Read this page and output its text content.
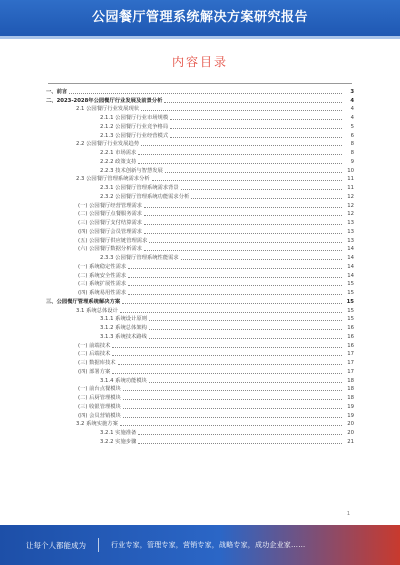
公园餐厅管理系统解决方案研究报告
内容目录
一、前言	3
二、2023-2028年公园餐厅行业发展及前景分析	4
2.1 公园餐厅行业发展现状	4
2.1.1 公园餐厅行业市场规模	4
2.1.2 公园餐厅行业竞争格局	5
2.1.3 公园餐厅行业经营模式	6
2.2 公园餐厅行业发展趋势	8
2.2.1 市场需求	8
2.2.2 政策支持	9
2.2.3 技术创新与智慧发展	10
2.3 公园餐厅管理系统需求分析	11
2.3.1 公园餐厅管理系统需求背景	11
2.3.2 公园餐厅管理系统功能需求分析	12
(一) 公园餐厅经营管理需求	12
(二) 公园餐厅点餐服务需求	12
(三) 公园餐厅支付结算需求	13
(四) 公园餐厅会员管理需求	13
(五) 公园餐厅供应链管理需求	13
(六) 公园餐厅数据分析需求	14
2.3.3 公园餐厅管理系统性能需求	14
(一) 系统稳定性需求	14
(二) 系统安全性需求	14
(三) 系统扩展性需求	15
(四) 系统易用性需求	15
三、公园餐厅管理系统解决方案	15
3.1 系统总体设计	15
3.1.1 系统设计原则	15
3.1.2 系统总体架构	16
3.1.3 系统技术路线	16
(一) 前端技术	16
(二) 后端技术	17
(三) 数据库技术	17
(四) 部署方案	17
3.1.4 系统功能模块	18
(一) 前台点餐模块	18
(二) 后厨管理模块	18
(三) 收银管理模块	19
(四) 会员营销模块	19
3.2 系统实施方案	20
3.2.1 实施准备	20
3.2.2 实施步骤	21
1
让每个人都能成为	行业专家，管理专家，营销专家，战略专家，成功企业家……
